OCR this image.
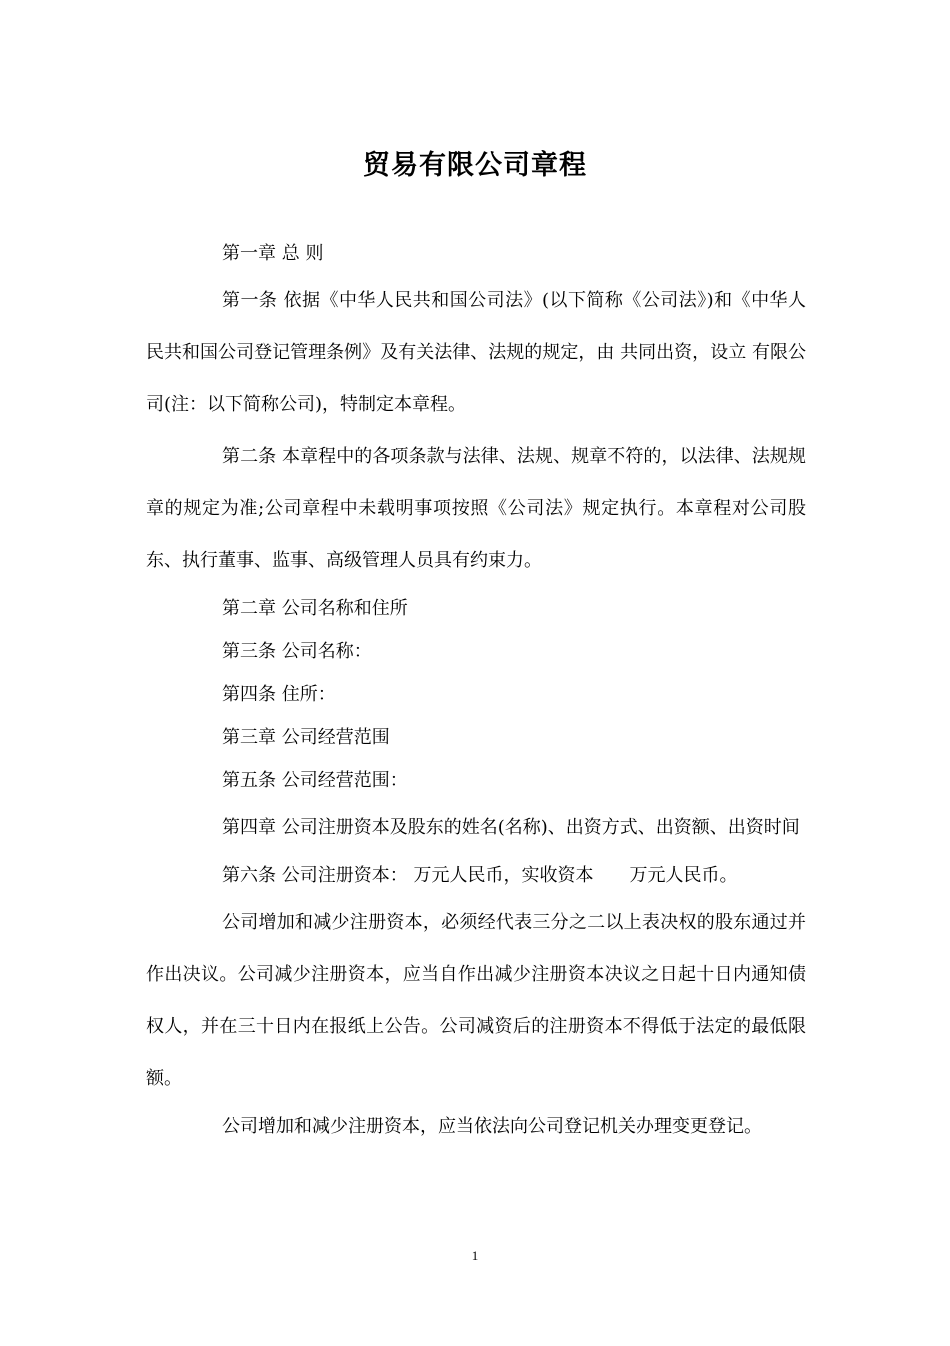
贸易有限公司章程

第一章 总 则

第一条 依据《中华人民共和国公司法》(以下简称《公司法》)和《中华人民共和国公司登记管理条例》及有关法律、法规的规定，由 共同出资，设立 有限公司(注：以下简称公司)，特制定本章程。

第二条 本章程中的各项条款与法律、法规、规章不符的，以法律、法规规章的规定为准;公司章程中未载明事项按照《公司法》规定执行。本章程对公司股东、执行董事、监事、高级管理人员具有约束力。

第二章 公司名称和住所

第三条 公司名称：

第四条 住所：

第三章 公司经营范围

第五条 公司经营范围：

第四章 公司注册资本及股东的姓名(名称)、出资方式、出资额、出资时间

第六条 公司注册资本： 万元人民币，实收资本　　万元人民币。

公司增加和减少注册资本，必须经代表三分之二以上表决权的股东通过并作出决议。公司减少注册资本，应当自作出减少注册资本决议之日起十日内通知债权人，并在三十日内在报纸上公告。公司减资后的注册资本不得低于法定的最低限额。

公司增加和减少注册资本，应当依法向公司登记机关办理变更登记。

1
